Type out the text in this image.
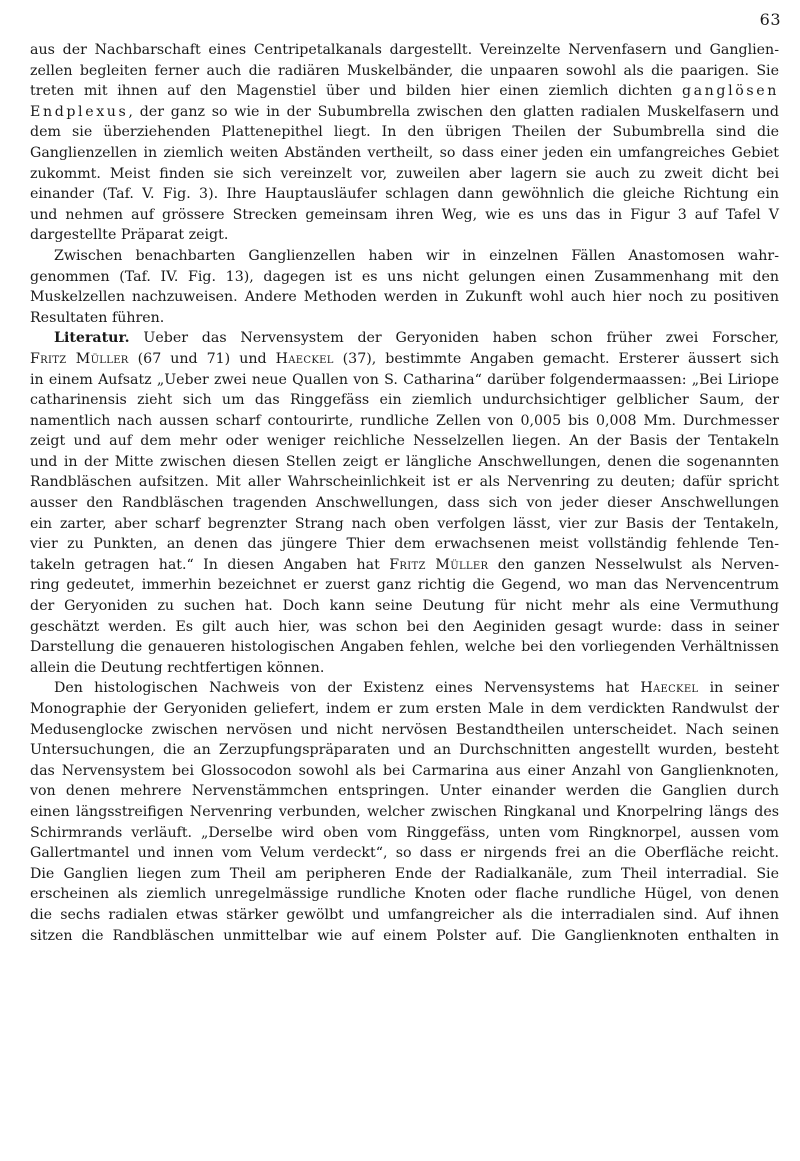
63
aus der Nachbarschaft eines Centripetalkanals dargestellt. Vereinzelte Nervenfasern und Ganglien-
zellen begleiten ferner auch die radiären Muskelbänder, die unpaaren sowohl als die paarigen. Sie
treten mit ihnen auf den Magenstiel über und bilden hier einen ziemlich dichten ganglösen
Endplexus, der ganz so wie in der Subumbrella zwischen den glatten radialen Muskelfasern und
dem sie überziehenden Plattenepithel liegt. In den übrigen Theilen der Subumbrella sind die
Ganglienzellen in ziemlich weiten Abständen vertheilt, so dass einer jeden ein umfangreiches Gebiet
zukommt. Meist finden sie sich vereinzelt vor, zuweilen aber lagern sie auch zu zweit dicht bei
einander (Taf. V. Fig. 3). Ihre Hauptausläufer schlagen dann gewöhnlich die gleiche Richtung ein
und nehmen auf grössere Strecken gemeinsam ihren Weg, wie es uns das in Figur 3 auf Tafel V
dargestellte Präparat zeigt.
Zwischen benachbarten Ganglienzellen haben wir in einzelnen Fällen Anastomosen wahr-
genommen (Taf. IV. Fig. 13), dagegen ist es uns nicht gelungen einen Zusammenhang mit den
Muskelzellen nachzuweisen. Andere Methoden werden in Zukunft wohl auch hier noch zu positiven
Resultaten führen.
Literatur. Ueber das Nervensystem der Geryoniden haben schon früher zwei Forscher,
Fritz Müller (67 und 71) und Haeckel (37), bestimmte Angaben gemacht. Ersterer äussert sich
in einem Aufsatz „Ueber zwei neue Quallen von S. Catharina“ darüber folgendermaassen: „Bei Liriope
catharinensis zieht sich um das Ringgefäss ein ziemlich undurchsichtiger gelblicher Saum, der
namentlich nach aussen scharf contourirte, rundliche Zellen von 0,005 bis 0,008 Mm. Durchmesser
zeigt und auf dem mehr oder weniger reichliche Nesselzellen liegen. An der Basis der Tentakeln
und in der Mitte zwischen diesen Stellen zeigt er längliche Anschwellungen, denen die sogenannten
Randbläschen aufsitzen. Mit aller Wahrscheinlichkeit ist er als Nervenring zu deuten; dafür spricht
ausser den Randbläschen tragenden Anschwellungen, dass sich von jeder dieser Anschwellungen
ein zarter, aber scharf begrenzter Strang nach oben verfolgen lässt, vier zur Basis der Tentakeln,
vier zu Punkten, an denen das jüngere Thier dem erwachsenen meist vollständig fehlende Ten-
takeln getragen hat.“ In diesen Angaben hat Fritz Müller den ganzen Nesselwulst als Nerven-
ring gedeutet, immerhin bezeichnet er zuerst ganz richtig die Gegend, wo man das Nervencentrum
der Geryoniden zu suchen hat. Doch kann seine Deutung für nicht mehr als eine Vermuthung
geschätzt werden. Es gilt auch hier, was schon bei den Aeginiden gesagt wurde: dass in seiner
Darstellung die genaueren histologischen Angaben fehlen, welche bei den vorliegenden Verhältnissen
allein die Deutung rechtfertigen können.
Den histologischen Nachweis von der Existenz eines Nervensystems hat Haeckel in seiner
Monographie der Geryoniden geliefert, indem er zum ersten Male in dem verdickten Randwulst der
Medusenglocke zwischen nervösen und nicht nervösen Bestandtheilen unterscheidet. Nach seinen
Untersuchungen, die an Zerzupfungspräparaten und an Durchschnitten angestellt wurden, besteht
das Nervensystem bei Glossocodon sowohl als bei Carmarina aus einer Anzahl von Ganglienknoten,
von denen mehrere Nervenstämmchen entspringen. Unter einander werden die Ganglien durch
einen längsstreifigen Nervenring verbunden, welcher zwischen Ringkanal und Knorpelring längs des
Schirmrands verläuft. „Derselbe wird oben vom Ringgefäss, unten vom Ringknorpel, aussen vom
Gallertmantel und innen vom Velum verdeckt“, so dass er nirgends frei an die Oberfläche reicht.
Die Ganglien liegen zum Theil am peripheren Ende der Radialkanäle, zum Theil interradial. Sie
erscheinen als ziemlich unregelmässige rundliche Knoten oder flache rundliche Hügel, von denen
die sechs radialen etwas stärker gewölbt und umfangreicher als die interradialen sind. Auf ihnen
sitzen die Randbläschen unmittelbar wie auf einem Polster auf. Die Ganglienknoten enthalten in
